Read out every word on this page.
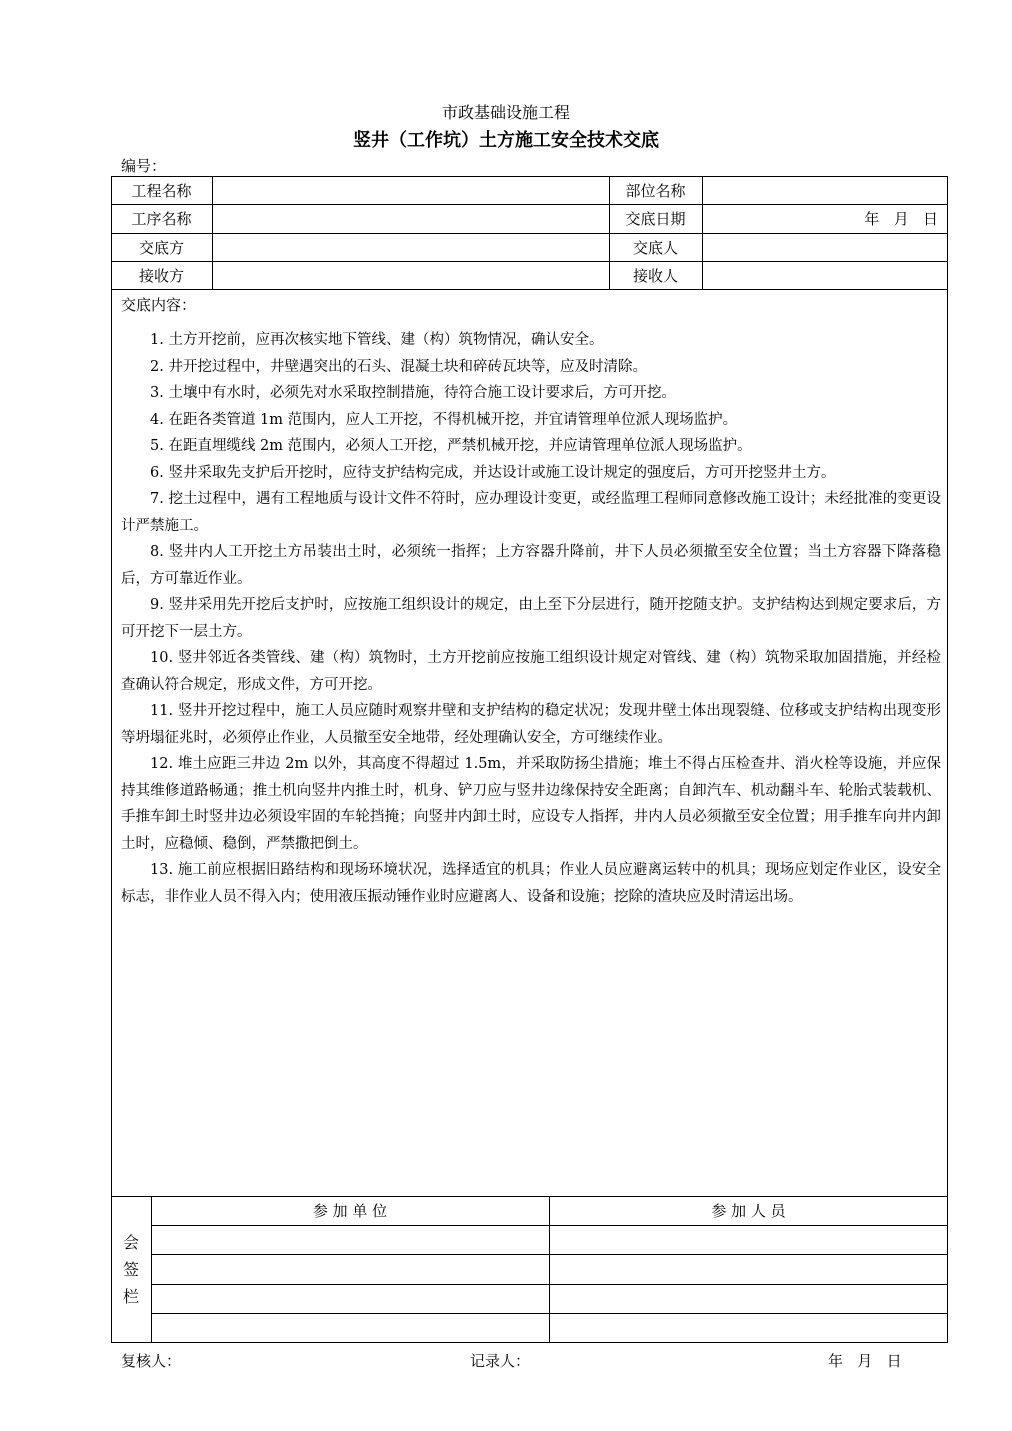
市政基础设施工程
竖井（工作坑）土方施工安全技术交底
编号：
工程名称	部位名称
工序名称	交底日期	年   月   日
交底方	交底人
接收方	接收人
交底内容：

1. 土方开挖前，应再次核实地下管线、建（构）筑物情况，确认安全。

2. 井开挖过程中，井壁遇突出的石头、混凝土块和碎砖瓦块等，应及时清除。

3. 土壤中有水时，必须先对水采取控制措施，待符合施工设计要求后，方可开挖。

4. 在距各类管道 1m 范围内，应人工开挖，不得机械开挖，并宜请管理单位派人现场监护。

5. 在距直埋缆线 2m 范围内，必须人工开挖，严禁机械开挖，并应请管理单位派人现场监护。

6. 竖井采取先支护后开挖时，应待支护结构完成，并达设计或施工设计规定的强度后，方可开挖竖井土方。

7. 挖土过程中，遇有工程地质与设计文件不符时，应办理设计变更，或经监理工程师同意修改施工设计；未经批准的变更设计严禁施工。

8. 竖井内人工开挖土方吊装出土时，必须统一指挥；上方容器升降前，井下人员必须撤至安全位置；当土方容器下降落稳后，方可靠近作业。

9. 竖井采用先开挖后支护时，应按施工组织设计的规定，由上至下分层进行，随开挖随支护。支护结构达到规定要求后，方可开挖下一层土方。

10. 竖井邻近各类管线、建（构）筑物时，土方开挖前应按施工组织设计规定对管线、建（构）筑物采取加固措施，并经检查确认符合规定，形成文件，方可开挖。

11. 竖井开挖过程中，施工人员应随时观察井壁和支护结构的稳定状况；发现井壁土体出现裂缝、位移或支护结构出现变形等坍塌征兆时，必须停止作业，人员撤至安全地带，经处理确认安全，方可继续作业。

12. 堆土应距三井边 2m 以外，其高度不得超过 1.5m，并采取防扬尘措施；堆土不得占压检查井、消火栓等设施，并应保持其维修道路畅通；推土机向竖井内推土时，机身、铲刀应与竖井边缘保持安全距离；自卸汽车、机动翻斗车、轮胎式装载机、手推车卸土时竖井边必须设牢固的车轮挡掩；向竖井内卸土时，应设专人指挥，井内人员必须撤至安全位置；用手推车向井内卸土时，应稳倾、稳倒，严禁撒把倒土。

13. 施工前应根据旧路结构和现场环境状况，选择适宜的机具；作业人员应避离运转中的机具；现场应划定作业区，设安全标志，非作业人员不得入内；使用液压振动锤作业时应避离人、设备和设施；挖除的渣块应及时清运出场。

会
签
栏
参 加 单 位	参 加 人 员
复核人：	记录人：	年   月   日
